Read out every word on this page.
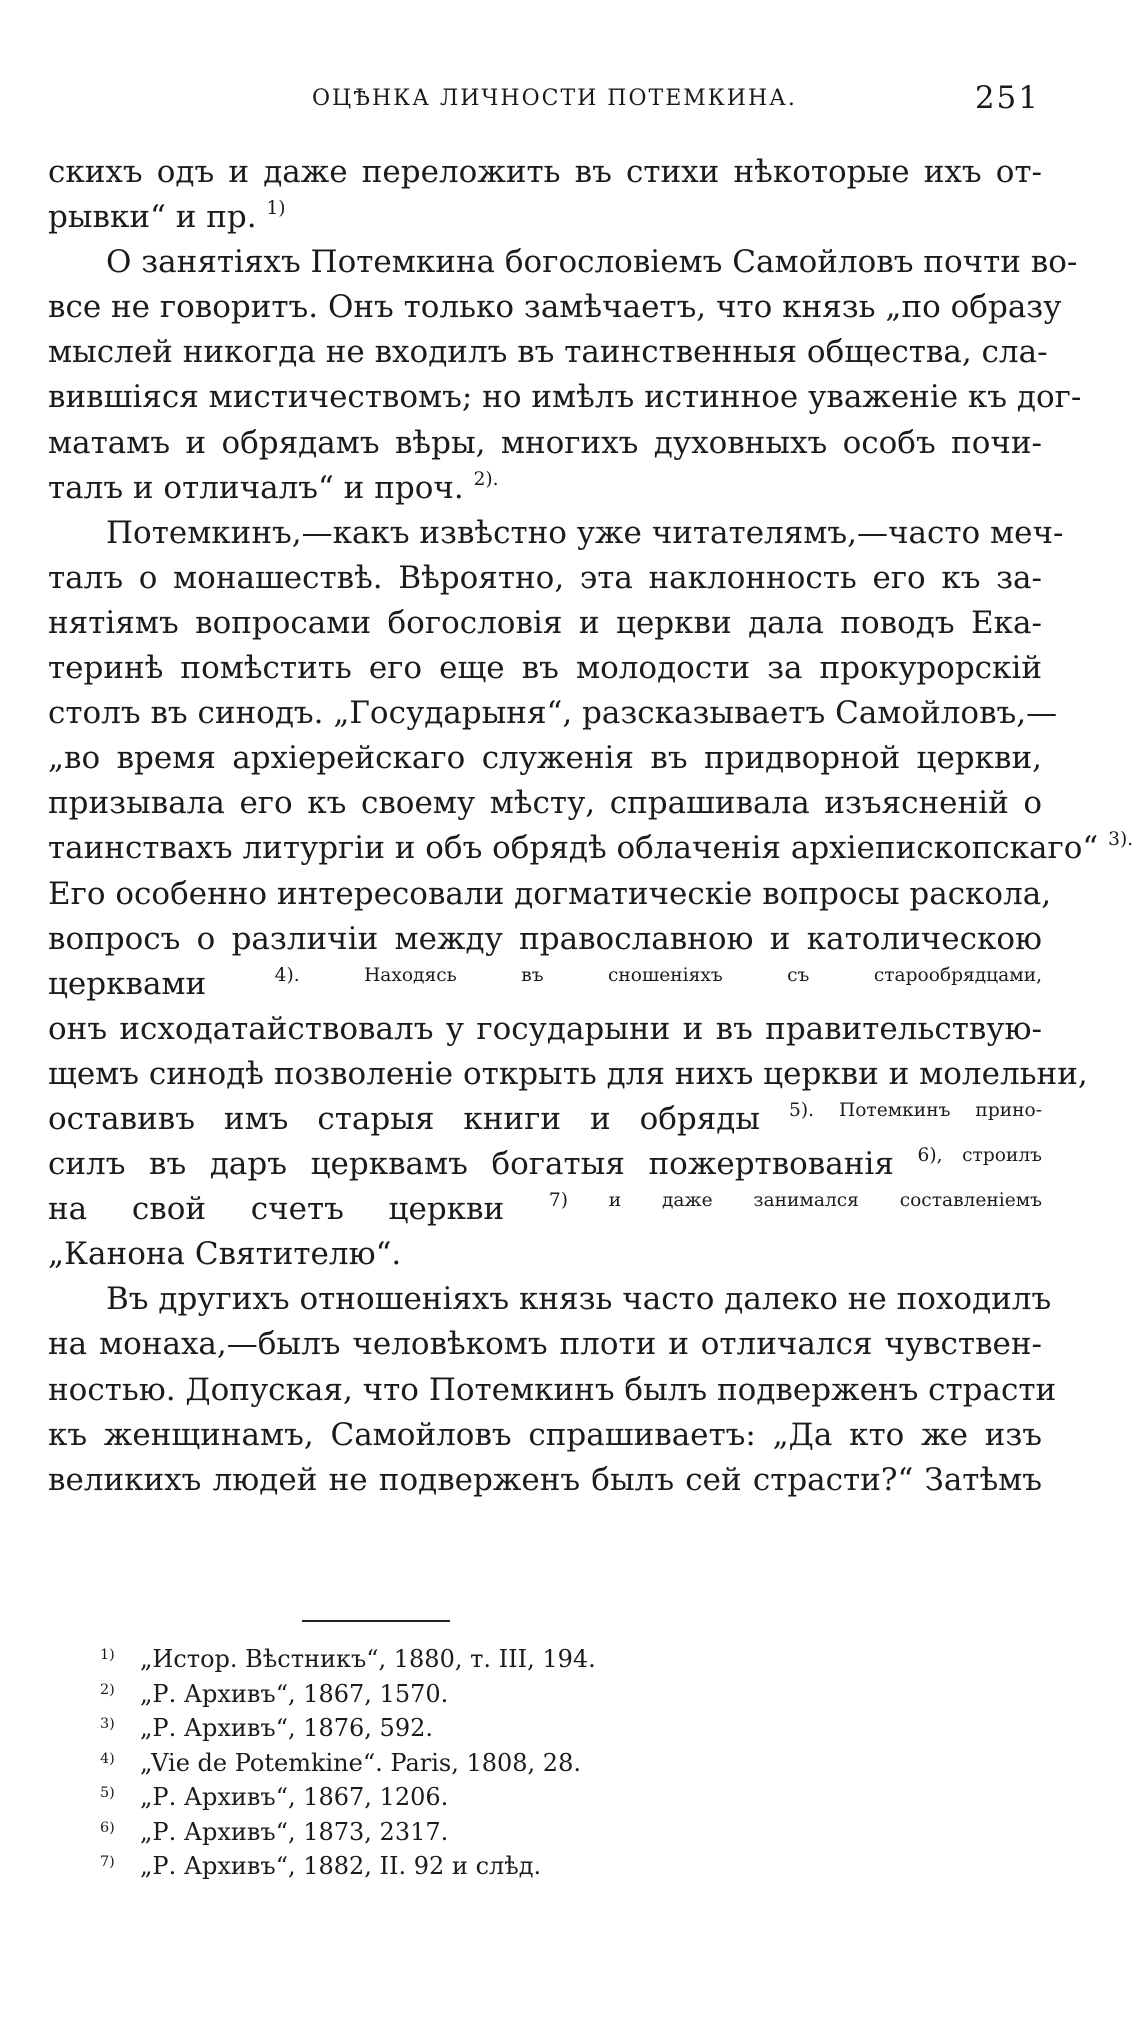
ОЦѢНКА ЛИЧНОСТИ ПОТЕМКИНА.	251
скихъ одъ и даже переложить въ стихи нѣкоторые ихъ от-
рывки“ и пр. $^{1)}$
О занятіяхъ Потемкина богословіемъ Самойловъ почти во-
все не говоритъ. Онъ только замѣчаетъ, что князь „по образу
мыслей никогда не входилъ въ таинственныя общества, сла-
вившіяся мистичествомъ; но имѣлъ истинное уваженіе къ дог-
матамъ и обрядамъ вѣры, многихъ духовныхъ особъ почи-
талъ и отличалъ“ и проч. $^{2).}$
Потемкинъ,—какъ извѣстно уже читателямъ,—часто меч-
талъ о монашествѣ. Вѣроятно, эта наклонность его къ за-
нятіямъ вопросами богословія и церкви дала поводъ Ека-
теринѣ помѣстить его еще въ молодости за прокурорскій
столъ въ синодъ. „Государыня“, разсказываетъ Самойловъ,—
„во время архіерейскаго служенія въ придворной церкви,
призывала его къ своему мѣсту, спрашивала изъясненій о
таинствахъ литургіи и объ обрядѣ облаченія архіепископскаго“ $^{3).}$
Его особенно интересовали догматическіе вопросы раскола,
вопросъ о различіи между православною и католическою
церквами $^{4). Находясь въ сношеніяхъ съ старообрядцами,}$
онъ исходатайствовалъ у государыни и въ правительствую-
щемъ синодѣ позволеніе открыть для нихъ церкви и молельни,
оставивъ имъ старыя книги и обряды $^{5). Потемкинъ прино-}$
силъ въ даръ церквамъ богатыя пожертвованія $^{6), строилъ}$
на свой счетъ церкви $^{7) и даже занимался составленіемъ}$
„Канона Святителю“.
Въ другихъ отношеніяхъ князь часто далеко не походилъ
на монаха,—былъ человѣкомъ плоти и отличался чувствен-
ностью. Допуская, что Потемкинъ былъ подверженъ страсти
къ женщинамъ, Самойловъ спрашиваетъ: „Да кто же изъ
великихъ людей не подверженъ былъ сей страсти?“ Затѣмъ
$^{1)}$ „Истор. Вѣстникъ“, 1880, т. III, 194.
$^{2)}$ „Р. Архивъ“, 1867, 1570.
$^{3)}$ „Р. Архивъ“, 1876, 592.
$^{4)}$ „Vie de Potemkine“. Paris, 1808, 28.
$^{5)}$ „Р. Архивъ“, 1867, 1206.
$^{6)}$ „Р. Архивъ“, 1873, 2317.
$^{7)}$ „Р. Архивъ“, 1882, II. 92 и слѣд.
